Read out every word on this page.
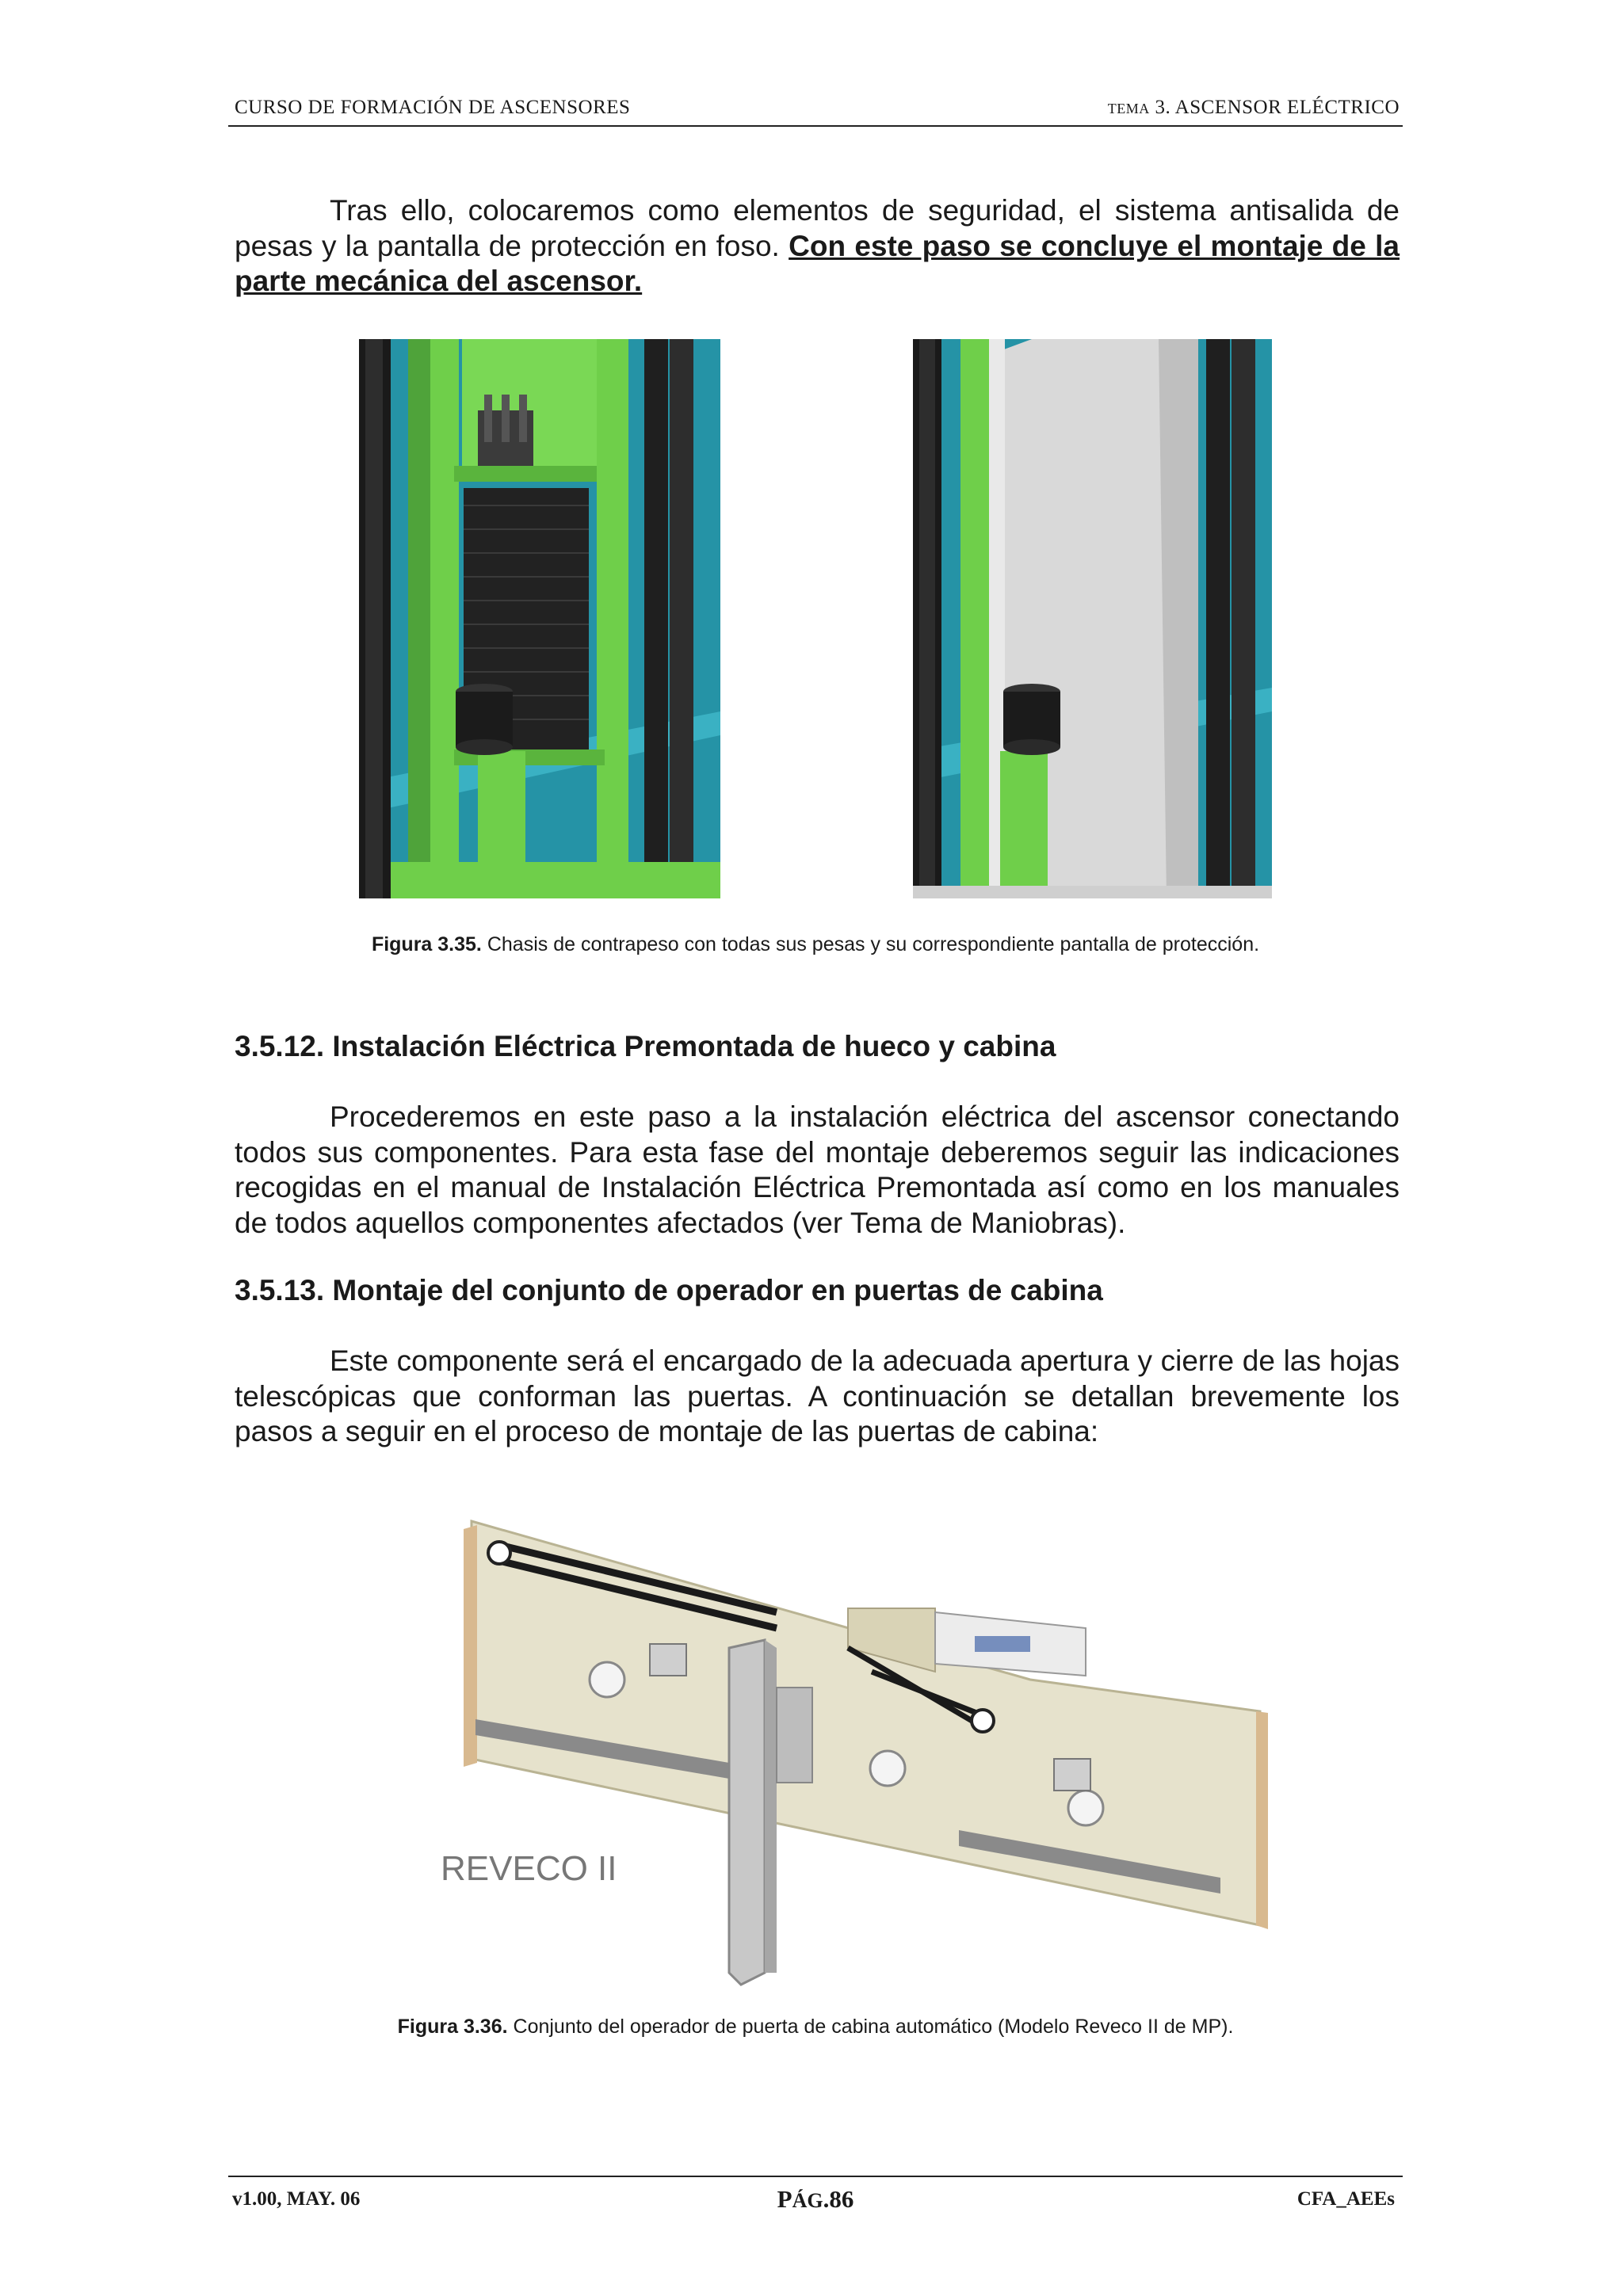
CURSO DE FORMACIÓN DE ASCENSORES	TEMA 3. ASCENSOR ELÉCTRICO
Tras ello, colocaremos como elementos de seguridad, el sistema antisalida de pesas y la pantalla de protección en foso. Con este paso se concluye el montaje de la parte mecánica del ascensor.
Figura 3.35. Chasis de contrapeso con todas sus pesas y su correspondiente pantalla de protección.
3.5.12. Instalación Eléctrica Premontada de hueco y cabina
Procederemos en este paso a la instalación eléctrica del ascensor conectando todos sus componentes. Para esta fase del montaje deberemos seguir las indicaciones recogidas en el manual de Instalación Eléctrica Premontada así como en los manuales de todos aquellos componentes afectados (ver Tema de Maniobras).
3.5.13. Montaje del conjunto de operador en puertas de cabina
Este componente será el encargado de la adecuada apertura y cierre de las hojas telescópicas que conforman las puertas. A continuación se detallan brevemente los pasos a seguir en el proceso de montaje de las puertas de cabina:
REVECO II
Figura 3.36. Conjunto del operador de puerta de cabina automático (Modelo Reveco II de MP).
v1.00, MAY. 06	PÁG.86	CFA_AEEs
